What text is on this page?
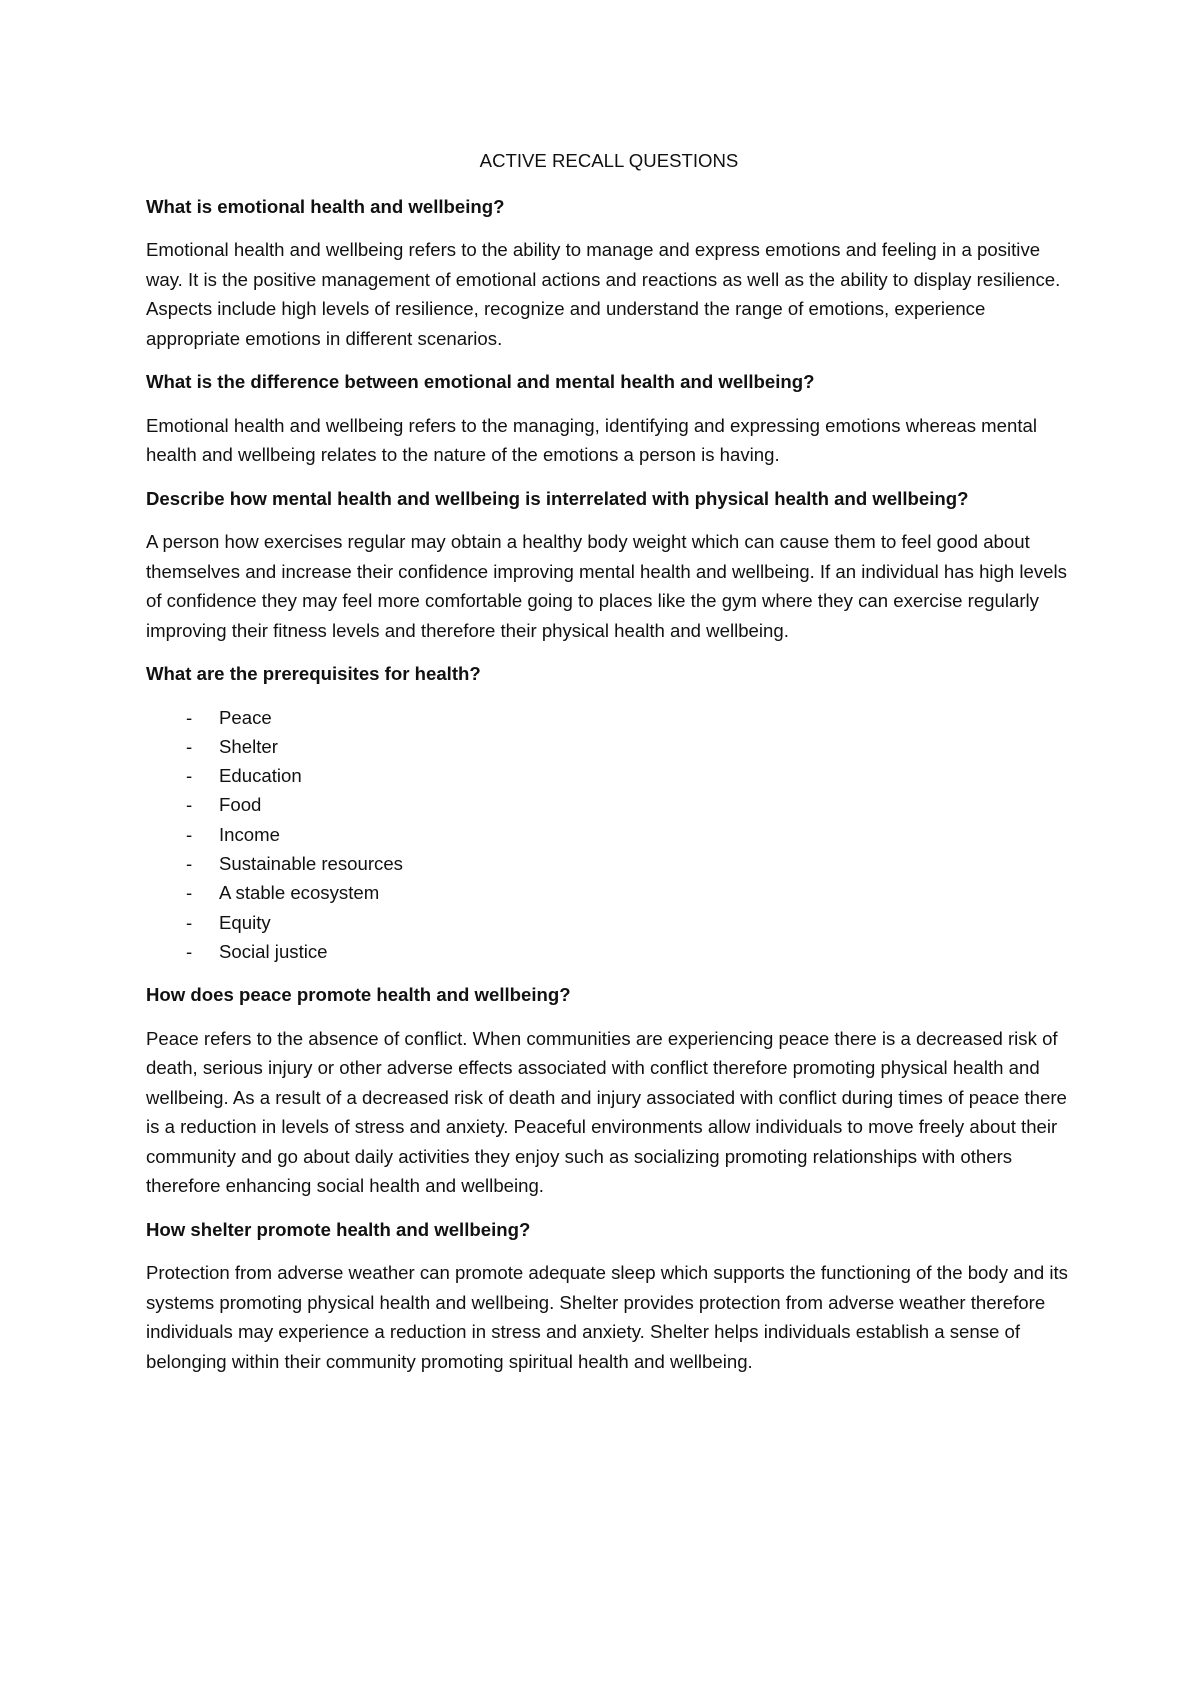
ACTIVE RECALL QUESTIONS
What is emotional health and wellbeing?

Emotional health and wellbeing refers to the ability to manage and express emotions and feeling in a positive way. It is the positive management of emotional actions and reactions as well as the ability to display resilience. Aspects include high levels of resilience, recognize and understand the range of emotions, experience appropriate emotions in different scenarios.

What is the difference between emotional and mental health and wellbeing?

Emotional health and wellbeing refers to the managing, identifying and expressing emotions whereas mental health and wellbeing relates to the nature of the emotions a person is having.

Describe how mental health and wellbeing is interrelated with physical health and wellbeing?

A person how exercises regular may obtain a healthy body weight which can cause them to feel good about themselves and increase their confidence improving mental health and wellbeing. If an individual has high levels of confidence they may feel more comfortable going to places like the gym where they can exercise regularly improving their fitness levels and therefore their physical health and wellbeing.

What are the prerequisites for health?
- Peace
- Shelter
- Education
- Food
- Income
- Sustainable resources
- A stable ecosystem
- Equity
- Social justice
How does peace promote health and wellbeing?

Peace refers to the absence of conflict. When communities are experiencing peace there is a decreased risk of death, serious injury or other adverse effects associated with conflict therefore promoting physical health and wellbeing. As a result of a decreased risk of death and injury associated with conflict during times of peace there is a reduction in levels of stress and anxiety. Peaceful environments allow individuals to move freely about their community and go about daily activities they enjoy such as socializing promoting relationships with others therefore enhancing social health and wellbeing.

How shelter promote health and wellbeing?

Protection from adverse weather can promote adequate sleep which supports the functioning of the body and its systems promoting physical health and wellbeing. Shelter provides protection from adverse weather therefore individuals may experience a reduction in stress and anxiety. Shelter helps individuals establish a sense of belonging within their community promoting spiritual health and wellbeing.
